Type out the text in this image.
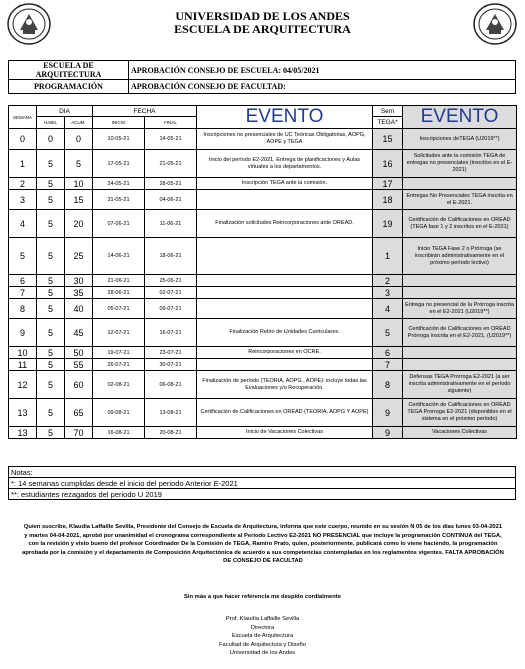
UNIVERSIDAD DE LOS ANDES
ESCUELA DE ARQUITECTURA
ESCUELA DE ARQUITECTURA	APROBACIÓN CONSEJO DE ESCUELA: 04/05/2021
PROGRAMACIÓN	APROBACIÓN CONSEJO DE FACULTAD:
SEMANA	DIA		FECHA		EVENTO	Sem	EVENTO
	HABIL	ACUM.	INICIO	FINAL		TEGA*	
0	0	0	10-05-21	14-05-21	Inscripciones no presenciales de UC Teóricas Obligatorias, AOPG, AOPE y TEGA	15	Inscripciones deTEGA (U2019**)
1	5	5	17-05-21	21-05-21	Inicio del período E2-2021. Entrega de planificaciones y Aulas virtuales a los departamentos.	16	Solicitudes ante la comisión TEGA de entregas no presenciales (inscritos en el E-2021)
2	5	10	24-05-21	28-05-21	Inscripción TEGA ante la comisión.	17	
3	5	15	31-05-21	04-06-21		18	Entregas No Presenciales TEGA inscrita en el E-2021.
4	5	20	07-06-21	11-06-21	Finalización solicitudes Reincorporaciones ante OREAD.	19	Certificación de Calificaciones en OREAD (TEGA fase 1 y 2 inscritos en el E-2021)
5	5	25	14-06-21	18-06-21		1	Inicio TEGA Fase 2 o Prórroga (se inscribirán administrativamente en el próximo período lectivo)
6	5	30	21-06-21	25-06-21		2	
7	5	35	28-06-21	02-07-21		3	
8	5	40	05-07-21	09-07-21		4	Entrega no presencial de la Prórroga inscrita en el E2-2021 (U2019**)
9	5	45	12-07-21	16-07-21	Finalización Retiro de Unidades Curriculares.	5	Certificación de Calificaciones en OREAD Prórroga inscrita en el E2-2021, (U2019**)
10	5	50	19-07-21	23-07-21	Reincorporaciones en OCRE.	6	
11	5	55	26-07-21	30-07-21		7	
12	5	60	02-08-21	06-08-21	Finalización de período (TEORIA, AOPG , AOPE): incluye todas las Evaluaciones y/o Recuperación.	8	Defensas TEGA Prorroga E2-2021 (a ser inscrita administrativamente en el período siguiente)
13	5	65	09-08-21	13-08-21	Certificación de Calificaciones en OREAD (TEORIA, AOPG Y AOPE)	9	Certificación de Calificaciones en OREAD TEGA Prorroga E2-2021 (disponibles en el sistema en el próximo período)
13	5	70	16-08-21	20-08-21	Inicio de Vacaciones Colectivas	9	Vacaciones Colectivas
Notas:
*: 14 semanas cumplidas desde el inicio del periodo Anterior E-2021
**: estudiantes rezagados del periodo U 2019
Quien suscribe, Klaudia Laffaille Sevilla, Presidente del Consejo de Escuela de Arquitectura, informa que este cuerpo, reunido en su sesión N 05 de los días lunes 03-04-2021 y martes 04-04-2021, aprobó por unanimidad el cronograma correspondiente al Período Lectivo E2-2021 NO PRESENCIAL que incluye la programación CONTINUA del TEGA, con la revisión y visto bueno del profesor Coordinador De la Comisión de TEGA, Ramiro Prato, quien, posteriormente, publicará como lo viene haciendo, la programación aprobada por la comisión y el departamento de Composición Arquitectónica de acuerdo a sus competencias contempladas en los reglamentos vigentes. FALTA APROBACIÓN DE CONSEJO DE FACULTAD
Sin más a que hacer referencia me despido cordialmente
Prof. Klaudia Laffaille Sevilla
Directora
Escuela de Arquitectura
Facultad de Arquitectura y Diseño
Universidad de los Andes
